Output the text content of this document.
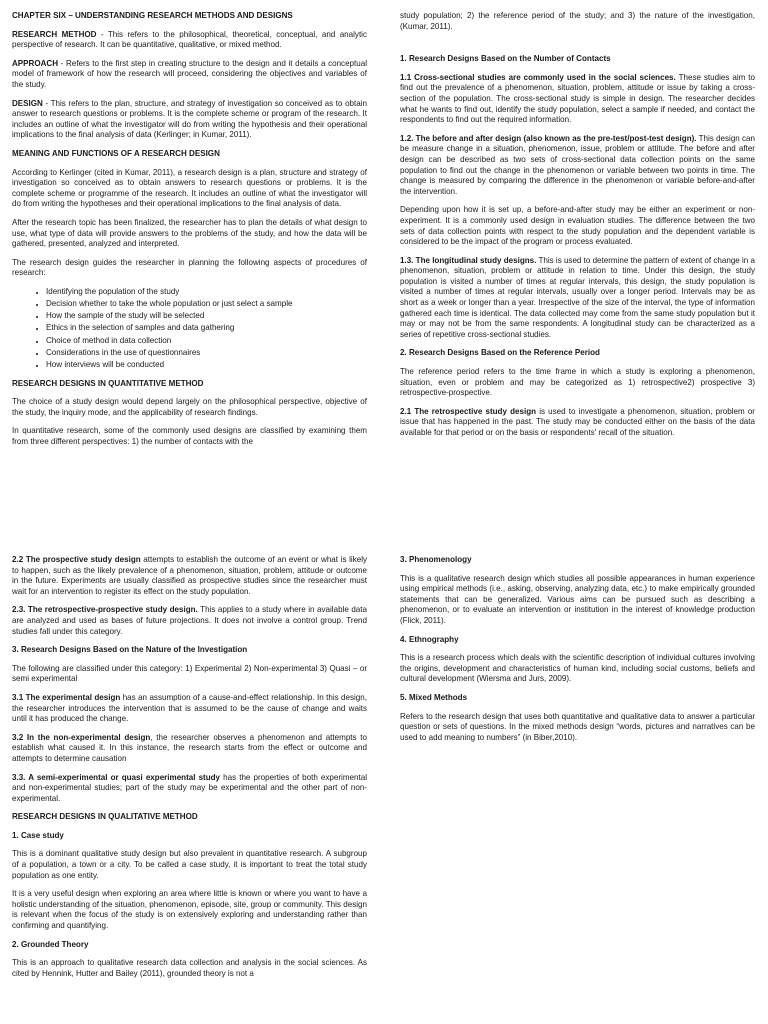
CHAPTER SIX – UNDERSTANDING RESEARCH METHODS AND DESIGNS

RESEARCH METHOD - This refers to the philosophical, theoretical, conceptual, and analytic perspective of research. It can be quantitative, qualitative, or mixed method.

APPROACH - Refers to the first step in creating structure to the design and it details a conceptual model of framework of how the research will proceed, considering the objectives and variables of the study.

DESIGN - This refers to the plan, structure, and strategy of investigation so conceived as to obtain answer to research questions or problems. It is the complete scheme or program of the research. It includes an outline of what the investigator will do from writing the hypothesis and their operational implications to the final analysis of data (Kerlinger; in Kumar, 2011).

MEANING AND FUNCTIONS OF A RESEARCH DESIGN

According to Kerlinger (cited in Kumar, 2011), a research design is a plan, structure and strategy of investigation so conceived as to obtain answers to research questions or problems. It is the complete scheme or programme of the research. It includes an outline of what the investigator will do from writing the hypotheses and their operational implications to the final analysis of data.

After the research topic has been finalized, the researcher has to plan the details of what design to use, what type of data will provide answers to the problems of the study, and how the data will be gathered, presented, analyzed and interpreted.

The research design guides the researcher in planning the following aspects of procedures of research:

• Identifying the population of the study
• Decision whether to take the whole population or just select a sample
• How the sample of the study will be selected
• Ethics in the selection of samples and data gathering
• Choice of method in data collection
• Considerations in the use of questionnaires
• How interviews will be conducted
RESEARCH DESIGNS IN QUANTITATIVE METHOD

The choice of a study design would depend largely on the philosophical perspective, objective of the study, the inquiry mode, and the applicability of research findings.

In quantitative research, some of the commonly used designs are classified by examining them from three different perspectives: 1) the number of contacts with the

study population; 2) the reference period of the study; and 3) the nature of the investigation, (Kumar, 2011).

1. Research Designs Based on the Number of Contacts

1.1 Cross-sectional studies are commonly used in the social sciences. These studies aim to find out the prevalence of a phenomenon, situation, problem, attitude or issue by taking a cross-section of the population. The cross-sectional study is simple in design. The researcher decides what he wants to find out, identify the study population, select a sample if needed, and contact the respondents to find out the required information.

1.2. The before and after design (also known as the pre-test/post-test design). This design can be measure change in a situation, phenomenon, issue, problem or attitude. The before and after design can be described as two sets of cross-sectional data collection points on the same population to find out the change in the phenomenon or variable between two points in time. The change is measured by comparing the difference in the phenomenon or variable before-and-after the intervention.

Depending upon how it is set up, a before-and-after study may be either an experiment or non-experiment. It is a commonly used design in evaluation studies. The difference between the two sets of data collection points with respect to the study population and the dependent variable is considered to be the impact of the program or process evaluated.

1.3. The longitudinal study designs. This is used to determine the pattern of extent of change in a phenomenon, situation, problem or attitude in relation to time. Under this design, the study population is visited a number of times at regular intervals, this design, the study population is visited a number of times at regular intervals, usually over a longer period. Intervals may be as short as a week or longer than a year. Irrespective of the size of the interval, the type of information gathered each time is identical. The data collected may come from the same study population but it may or may not be from the same respondents. A longitudinal study can be characterized as a series of repetitive cross-sectional studies.

2. Research Designs Based on the Reference Period

The reference period refers to the time frame in which a study is exploring a phenomenon, situation, even or problem and may be categorized as 1) retrospective2) prospective 3) retrospective-prospective.

2.1 The retrospective study design is used to investigate a phenomenon, situation, problem or issue that has happened in the past. The study may be conducted either on the basis of the data available for that period or on the basis or respondents' recall of the situation.

2.2 The prospective study design attempts to establish the outcome of an event or what is likely to happen, such as the likely prevalence of a phenomenon, situation, problem, attitude or outcome in the future. Experiments are usually classified as prospective studies since the researcher must wait for an intervention to register its effect on the study population.

2.3. The retrospective-prospective study design. This applies to a study where in available data are analyzed and used as bases of future projections. It does not involve a control group. Trend studies fall under this category.

3. Research Designs Based on the Nature of the Investigation

The following are classified under this category: 1) Experimental 2) Non-experimental 3) Quasi – or semi experimental

3.1 The experimental design has an assumption of a cause-and-effect relationship. In this design, the researcher introduces the intervention that is assumed to be the cause of change and waits until it has produced the change.

3.2 In the non-experimental design, the researcher observes a phenomenon and attempts to establish what caused it. In this instance, the research starts from the effect or outcome and attempts to determine causation

3.3. A semi-experimental or quasi experimental study has the properties of both experimental and non-experimental studies; part of the study may be experimental and the other part of non-experimental.

RESEARCH DESIGNS IN QUALITATIVE METHOD
1. Case study

This is a dominant qualitative study design but also prevalent in quantitative research. A subgroup of a population, a town or a city. To be called a case study, it is important to treat the total study population as one entity.

It is a very useful design when exploring an area where little is known or where you want to have a holistic understanding of the situation, phenomenon, episode, site, group or community. This design is relevant when the focus of the study is on extensively exploring and understanding rather than confirming and quantifying.

2. Grounded Theory

This is an approach to qualitative research data collection and analysis in the social sciences. As cited by Hennink, Hutter and Bailey (2011), grounded theory is not a

3. Phenomenology

This is a qualitative research design which studies all possible appearances in human experience using empirical methods (i.e., asking, observing, analyzing data, etc.) to make empirically grounded statements that can be generalized. Various aims can be pursued such as describing a phenomenon, or to evaluate an intervention or institution in the interest of knowledge production (Flick, 2011).

4. Ethnography

This is a research process which deals with the scientific description of individual cultures involving the origins, development and characteristics of human kind, including social customs, beliefs and cultural development (Wiersma and Jurs, 2009).

5. Mixed Methods

Refers to the research design that uses both quantitative and qualitative data to answer a particular question or sets of questions. In the mixed methods design “words, pictures and narratives can be used to add meaning to numbers” (in Biber,2010).
